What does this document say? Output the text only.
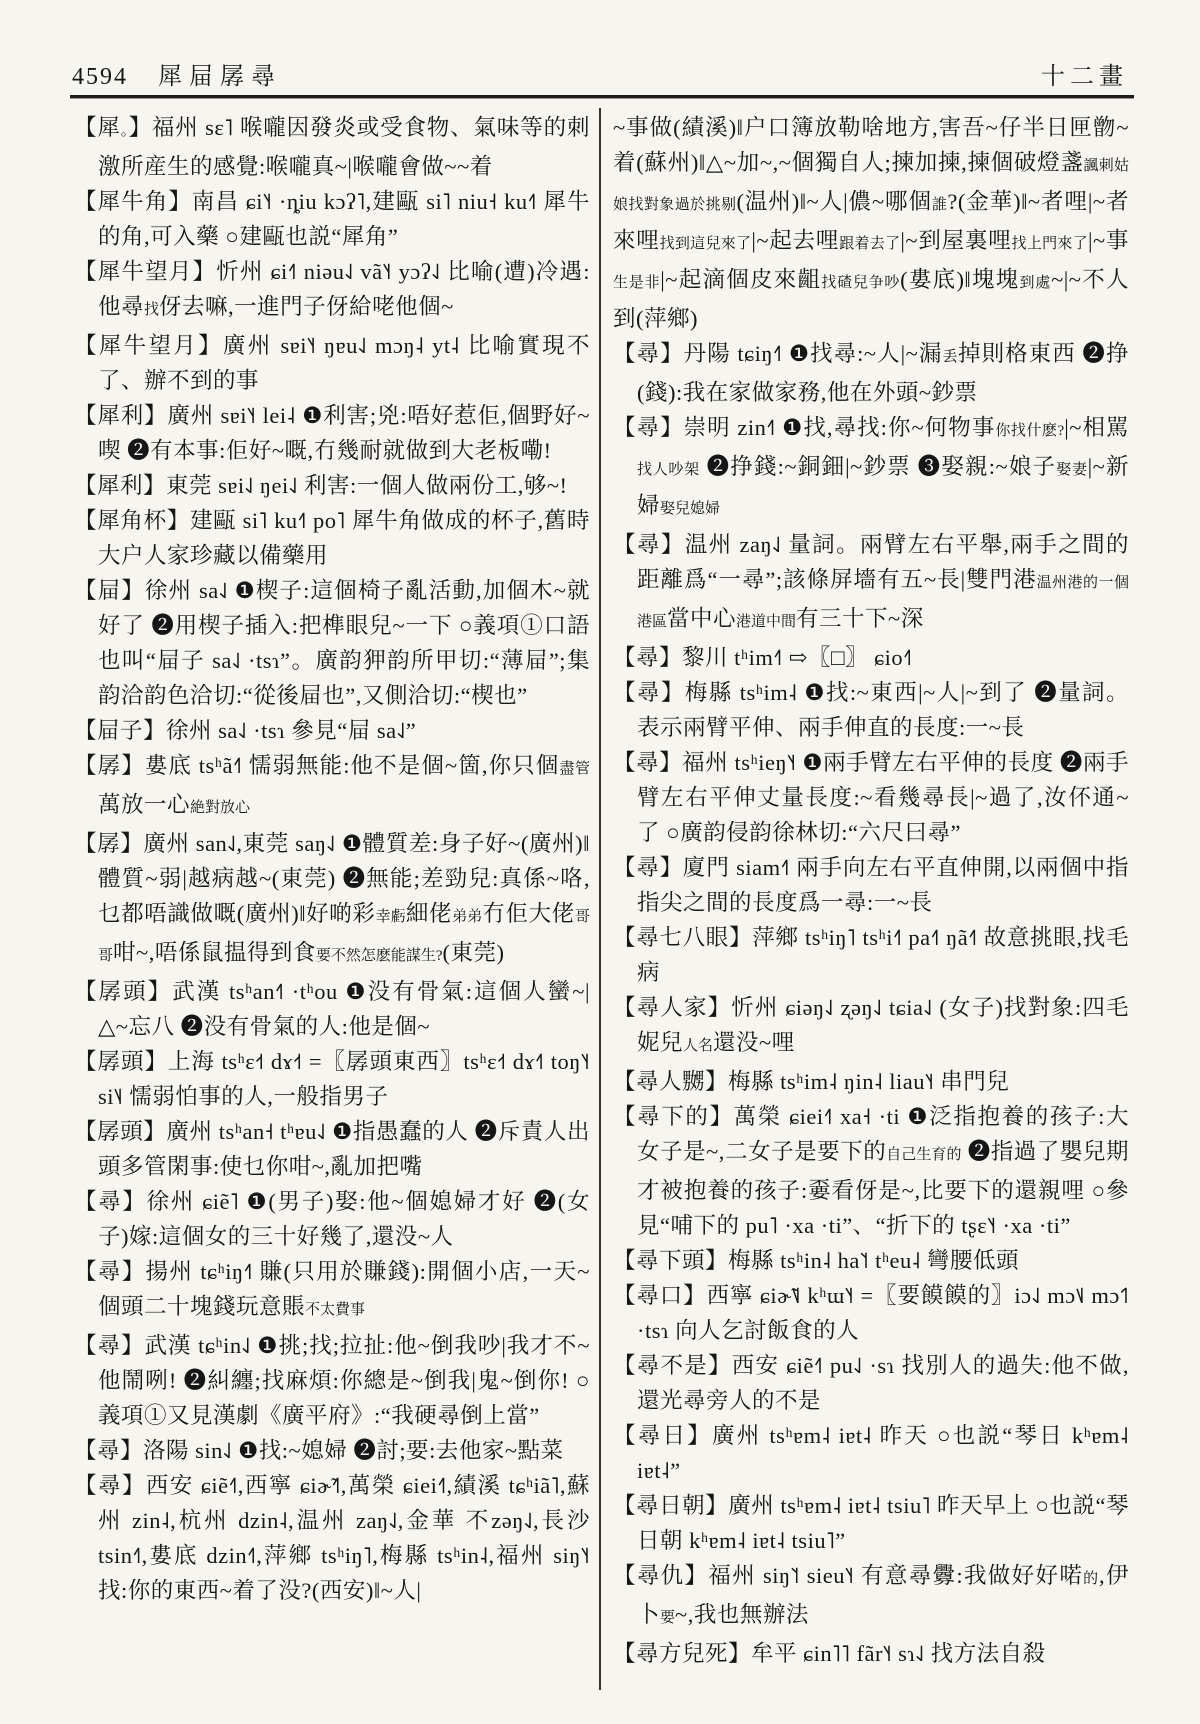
4594 犀屇孱尋	十二畫

【犀。】福州 sɛ˥ 喉嚨因發炎或受食物、氣味等的刺激所産生的感覺:喉嚨真~|喉嚨會做~~着

【犀牛角】南昌 ɕi˥˧ ·ȵiu kɔʔ˥,建甌 si˥ niu˧ ku˧˥ 犀牛的角,可入藥 ○建甌也説“犀角”

【犀牛望月】忻州 ɕi˧˥ niəu˨˩ vã˥˧ yɔʔ˨˩ 比喻(遭)冷遇:他尋找伢去嘛,一進門子伢給咾他個~

【犀牛望月】廣州 sɐi˥˧ ŋɐu˨˩ mɔŋ˨ yt˨ 比喻實現不了、辦不到的事

【犀利】廣州 sɐi˥˧ lei˨ ❶利害;兇:唔好惹佢,個野好~喫 ❷有本事:佢好~嘅,冇幾耐就做到大老板嘞!

【犀利】東莞 sɐi˨˩ ŋei˨˩ 利害:一個人做兩份工,够~!

【犀角杯】建甌 si˥ ku˧˥ po˥ 犀牛角做成的杯子,舊時大户人家珍藏以備藥用

【屇】徐州 sa˨˩ ❶楔子:這個椅子亂活動,加個木~就好了 ❷用楔子插入:把榫眼兒~一下 ○義項①口語也叫“屇子 sa˨˩ ·tsɿ”。廣韵狎韵所甲切:“薄屇”;集韵洽韵色洽切:“從後屇也”,又側洽切:“楔也”

【屇子】徐州 sa˨˩ ·tsɿ 參見“屇 sa˨˩”

【孱】婁底 tsʰã˧˥ 懦弱無能:他不是個~箇,你只個盡管萬放一心絶對放心

【孱】廣州 san˨˩,東莞 saŋ˨˩ ❶體質差:身子好~(廣州)‖體質~弱|越病越~(東莞) ❷無能;差勁兒:真係~咯,乜都唔識做嘅(廣州)‖好啲彩幸虧細佬弟弟冇佢大佬哥哥咁~,唔係鼠揾得到食要不然怎麽能謀生?(東莞)

【孱頭】武漢 tsʰan˧˥ ·tʰou ❶没有骨氣:這個人蠻~|△~忘八 ❷没有骨氣的人:他是個~

【孱頭】上海 tsʰɛ˧˦ dɤ˧˦ =〖孱頭東西〗tsʰɛ˧˦ dɤ˧˥ toŋ˥˧ si˥˨ 懦弱怕事的人,一般指男子

【孱頭】廣州 tsʰan˧ tʰɐu˨˩ ❶指愚蠢的人 ❷斥責人出頭多管閑事:使乜你咁~,亂加把嘴

【尋】徐州 ɕiẽ˥ ❶(男子)娶:他~個媳婦才好 ❷(女子)嫁:這個女的三十好幾了,還没~人

【尋】揚州 tɕʰiŋ˧˥ 賺(只用於賺錢):開個小店,一天~個頭二十塊錢玩意賬不太費事

【尋】武漢 tɕʰin˨˩ ❶挑;找;拉扯:他~倒我吵|我才不~他鬧咧! ❷糾纏;找麻煩:你總是~倒我|鬼~倒你! ○義項①又見漢劇《廣平府》:“我硬尋倒上當”

【尋】洛陽 sin˨˩ ❶找:~媳婦 ❷討;要:去他家~點菜

【尋】西安 ɕiẽ˧˥,西寧 ɕiɚ̃˧˥,萬榮 ɕiei˧˥,績溪 tɕʰiã˥,蘇州 zin˨,杭州 dzin˨,温州 zaŋ˨˩,金華 不zəŋ˨˩,長沙 tsin˧˥,婁底 dzin˧˥,萍鄉 tsʰiŋ˥,梅縣 tsʰin˨,福州 siŋ˥˧ 找:你的東西~着了没?(西安)‖~人|

~事做(績溪)‖户口簿放勒啥地方,害吾~仔半日匣朆~着(蘇州)‖△~加~,~個獨自人;揀加揀,揀個破燈盞諷刺姑娘找對象過於挑剔(温州)‖~人|儂~哪個誰?(金華)‖~者哩|~者來哩找到這兒來了|~起去哩跟着去了|~到屋裏哩找上門來了|~事生是非|~起滴個皮來齟找碴兒争吵(婁底)‖塊塊到處~|~不人到(萍鄉)

【尋】丹陽 tɕiŋ˧˥ ❶找尋:~人|~漏丢掉則格東西 ❷挣(錢):我在家做家務,他在外頭~鈔票

【尋】崇明 zin˧˥ ❶找,尋找:你~何物事你找什麽?|~相駡找人吵架 ❷挣錢:~銅鈿|~鈔票 ❸娶親:~娘子娶妻|~新婦娶兒媳婦

【尋】温州 zaŋ˨˩ 量詞。兩臂左右平舉,兩手之間的距離爲“一尋”;該條屏墻有五~長|雙門港温州港的一個港區當中心港道中間有三十下~深

【尋】黎川 tʰim˧˥ ⇨〖□〗 ɕio˧˥

【尋】梅縣 tsʰim˨ ❶找:~東西|~人|~到了 ❷量詞。表示兩臂平伸、兩手伸直的長度:一~長

【尋】福州 tsʰieŋ˥˧ ❶兩手臂左右平伸的長度 ❷兩手臂左右平伸丈量長度:~看幾尋長|~過了,汝伓通~了 ○廣韵侵韵徐林切:“六尺曰尋”

【尋】廈門 siam˧˥ 兩手向左右平直伸開,以兩個中指指尖之間的長度爲一尋:一~長

【尋七八眼】萍鄉 tsʰiŋ˥ tsʰi˧˥ pa˧˥ ŋã˧˥ 故意挑眼,找毛病

【尋人家】忻州 ɕiəŋ˨˩ ʐəŋ˨˩ tɕia˨˩ (女子)找對象:四毛妮兒人名還没~哩

【尋人嬲】梅縣 tsʰim˨ ŋin˨ liau˥˧ 串門兒

【尋下的】萬榮 ɕiei˧˥ xa˧ ·ti ❶泛指抱養的孩子:大女子是~,二女子是要下的自己生育的 ❷指過了嬰兒期才被抱養的孩子:嫑看伢是~,比要下的還親哩 ○參見“哺下的 pu˥ ·xa ·ti”、“折下的 tʂɛ˥˧ ·xa ·ti”

【尋下頭】梅縣 tsʰin˨ ha˥˦ tʰeu˨ 彎腰低頭

【尋口】西寧 ɕiɚ̃˦˩ kʰɯ˥˧ =〖要饃饃的〗iɔ˨˩ mɔ˦˩ mɔ˦˥ ·tsɿ 向人乞討飯食的人

【尋不是】西安 ɕiẽ˧˥ pu˨˩ ·sɿ 找別人的過失:他不做,還光尋旁人的不是

【尋日】廣州 tsʰɐm˨ iɐt˨ 昨天 ○也説“琴日 kʰɐm˨ iɐt˨”

【尋日朝】廣州 tsʰɐm˨ iɐt˨ tsiu˥ 昨天早上 ○也説“琴日朝 kʰɐm˨ iɐt˨ tsiu˥”

【尋仇】福州 siŋ˥˦ sieu˥˧ 有意尋釁:我做好好喏的,伊卜要~,我也無辦法

【尋方兒死】牟平 ɕin˥˥ fãr˥˧ sɿ˨˩ 找方法自殺
